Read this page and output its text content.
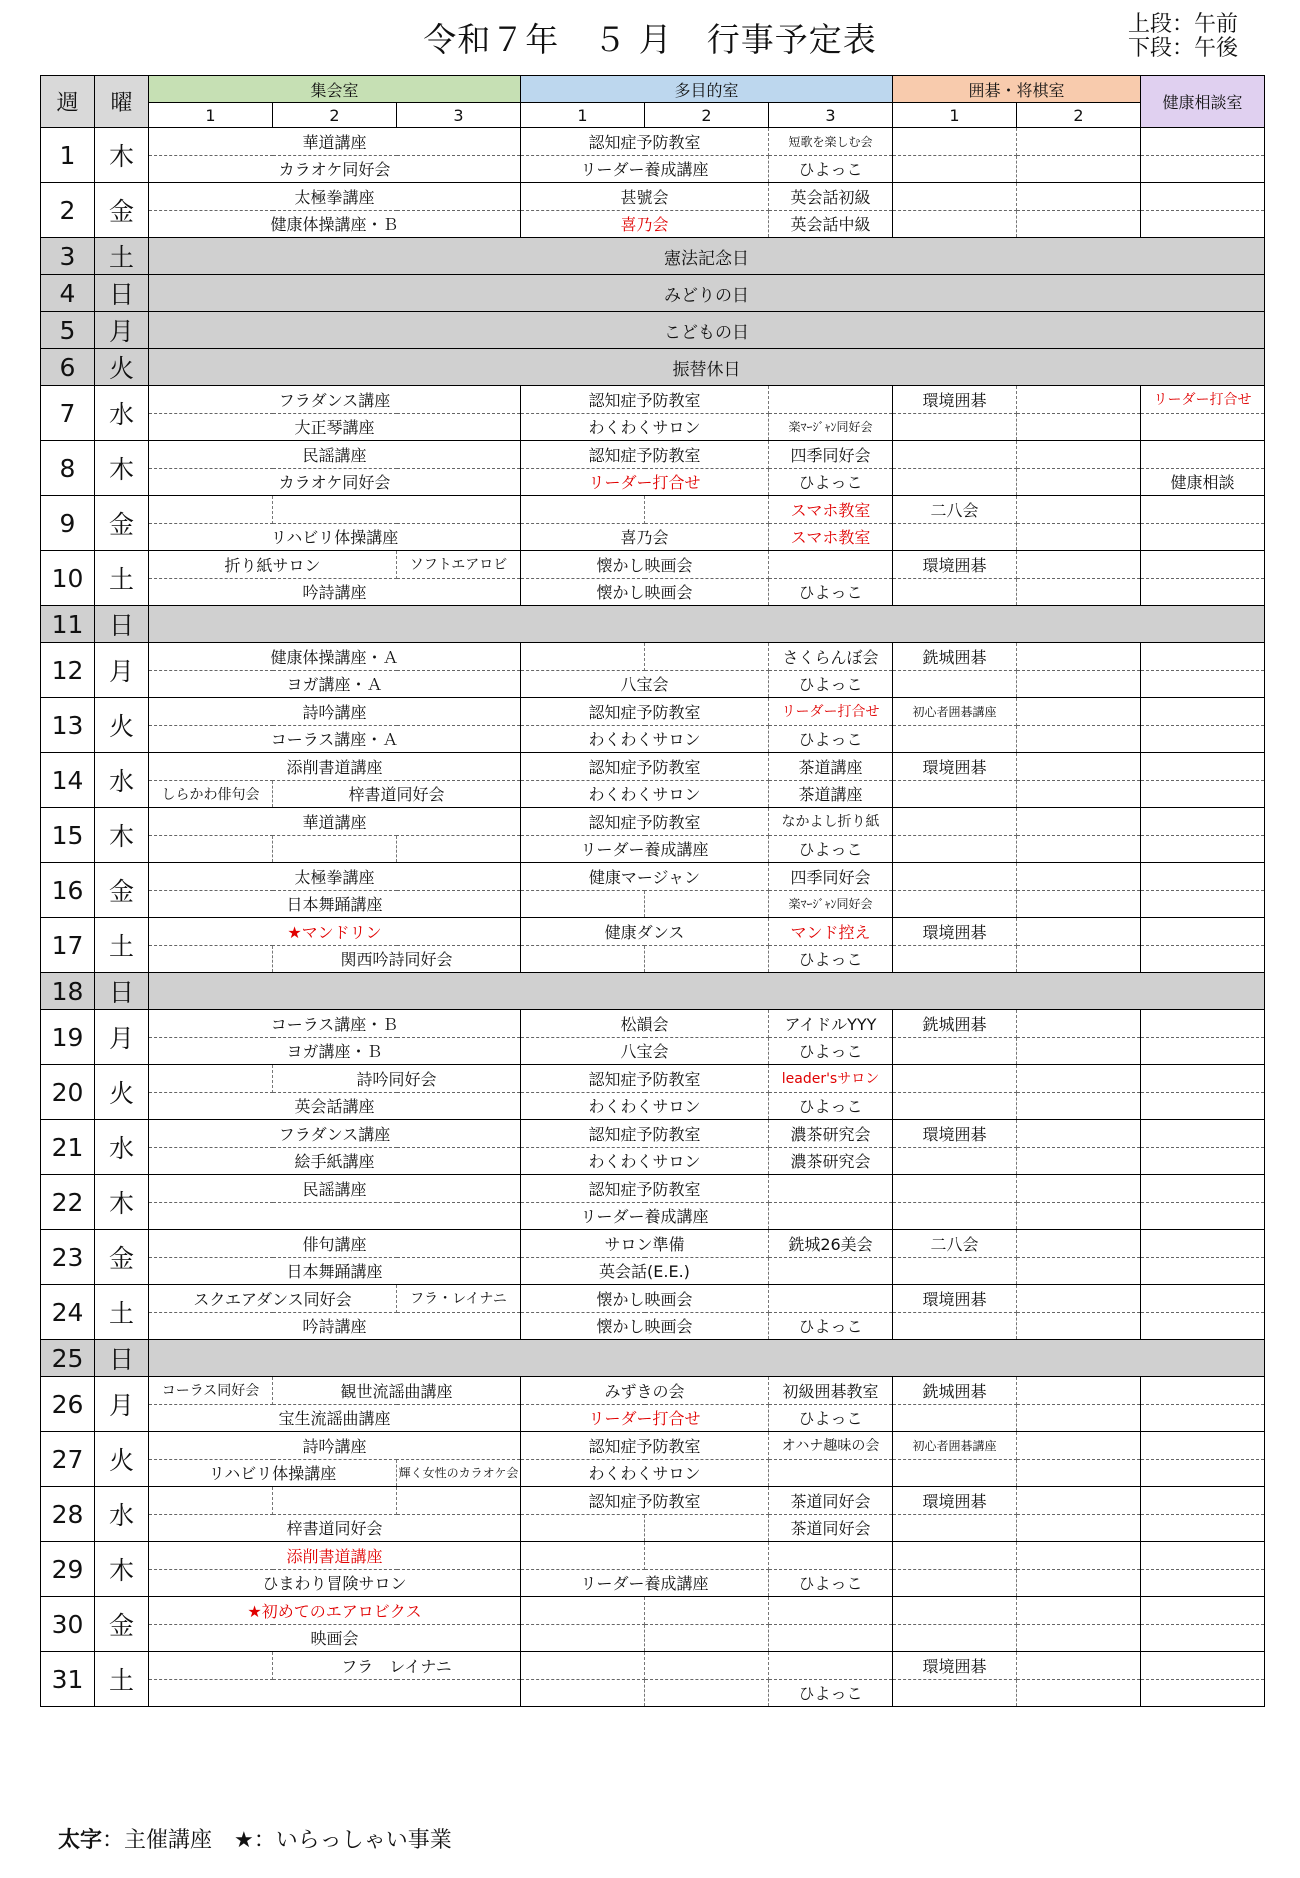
令和７年　５ 月　行事予定表	上段：午前
下段：午後
週	曜	集会室			多目的室			囲碁・将棋室		健康相談室
		1	2	3	1	2	3	1	2	
1	木	華道講座			認知症予防教室		短歌を楽しむ会			
		カラオケ同好会			リーダー養成講座		ひよっこ			
2	金	太極拳講座			甚號会		英会話初級			
		健康体操講座・Ｂ			喜乃会		英会話中級			
3	土	憲法記念日								

4	日	みどりの日								

5	月	こどもの日								

6	火	振替休日								

7	水	フラダンス講座			認知症予防教室			環境囲碁		リーダー打合せ
		大正琴講座			わくわくサロン		楽ﾏｰｼﾞｬﾝ同好会			
8	木	民謡講座			認知症予防教室		四季同好会			
		カラオケ同好会			リーダー打合せ		ひよっこ			健康相談
9	金						スマホ教室	二八会		
		リハビリ体操講座			喜乃会		スマホ教室			
10	土	折り紙サロン		ソフトエアロビ	懐かし映画会			環境囲碁		
		吟詩講座			懐かし映画会		ひよっこ			
11	日									

12	月	健康体操講座・Ａ					さくらんぼ会	銑城囲碁		
		ヨガ講座・Ａ			八宝会		ひよっこ			
13	火	詩吟講座			認知症予防教室		リーダー打合せ	初心者囲碁講座		
		コーラス講座・Ａ			わくわくサロン		ひよっこ			
14	水	添削書道講座			認知症予防教室		茶道講座	環境囲碁		
		しらかわ俳句会	梓書道同好会		わくわくサロン		茶道講座			
15	木	華道講座			認知症予防教室		なかよし折り紙			
					リーダー養成講座		ひよっこ			
16	金	太極拳講座			健康マージャン		四季同好会			
		日本舞踊講座					楽ﾏｰｼﾞｬﾝ同好会			
17	土	★マンドリン			健康ダンス		マンド控え	環境囲碁		
			関西吟詩同好会				ひよっこ			
18	日									

19	月	コーラス講座・Ｂ			松韻会		アイドルYYY	銑城囲碁		
		ヨガ講座・Ｂ			八宝会		ひよっこ			
20	火		詩吟同好会		認知症予防教室		leader'sサロン			
		英会話講座			わくわくサロン		ひよっこ			
21	水	フラダンス講座			認知症予防教室		濃茶研究会	環境囲碁		
		絵手紙講座			わくわくサロン		濃茶研究会			
22	木	民謡講座			認知症予防教室					
					リーダー養成講座					
23	金	俳句講座			サロン準備		銑城26美会	二八会		
		日本舞踊講座			英会話(E.E.)					
24	土	スクエアダンス同好会		フラ・レイナニ	懐かし映画会			環境囲碁		
		吟詩講座			懐かし映画会		ひよっこ			
25	日									

26	月	コーラス同好会	観世流謡曲講座		みずきの会		初級囲碁教室	銑城囲碁		
		宝生流謡曲講座			リーダー打合せ		ひよっこ			
27	火	詩吟講座			認知症予防教室		オハナ趣味の会	初心者囲碁講座		
		リハビリ体操講座		輝く女性のカラオケ会	わくわくサロン					
28	水				認知症予防教室		茶道同好会	環境囲碁		
		梓書道同好会					茶道同好会			
29	木	添削書道講座								
		ひまわり冒険サロン			リーダー養成講座		ひよっこ			
30	金	★初めてのエアロビクス								
		映画会								
31	土		フラ　レイナニ					環境囲碁		
							ひよっこ			
太字：主催講座　★：いらっしゃい事業
